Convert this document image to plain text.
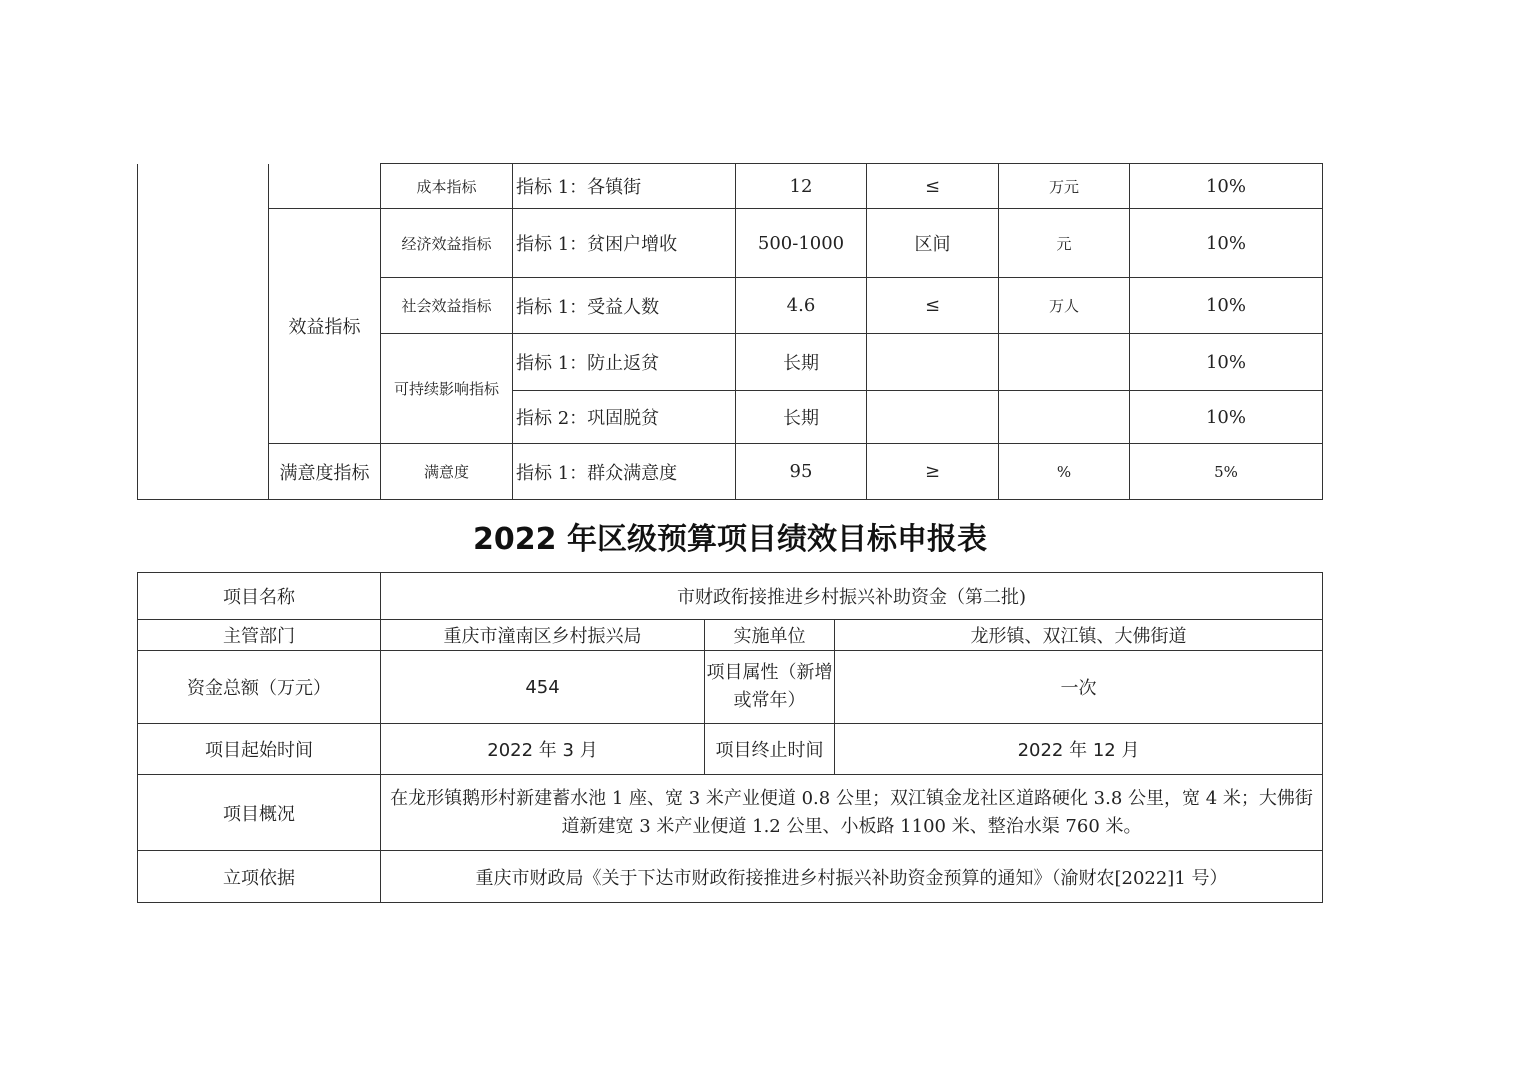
		成本指标	指标 1：各镇街	12	≤	万元	10%
	效益指标	经济效益指标	指标 1：贫困户增收	500-1000	区间	元	10%
		社会效益指标	指标 1：受益人数	4.6	≤	万人	10%
		可持续影响指标	指标 1：防止返贫	长期			10%
			指标 2：巩固脱贫	长期			10%
	满意度指标	满意度	指标 1：群众满意度	95	≥	%	5%
2022 年区级预算项目绩效目标申报表
项目名称	市财政衔接推进乡村振兴补助资金（第二批)		
主管部门	重庆市潼南区乡村振兴局	实施单位	龙形镇、双江镇、大佛街道
资金总额（万元）	454	项目属性（新增或常年）	一次
项目起始时间	2022 年 3 月	项目终止时间	2022 年 12 月
项目概况	在龙形镇鹅形村新建蓄水池 1 座、宽 3 米产业便道 0.8 公里；双江镇金龙社区道路硬化 3.8 公里，宽 4 米；大佛街道新建宽 3 米产业便道 1.2 公里、小板路 1100 米、整治水渠 760 米。		
立项依据	重庆市财政局《关于下达市财政衔接推进乡村振兴补助资金预算的通知》（渝财农[2022]1 号）		
